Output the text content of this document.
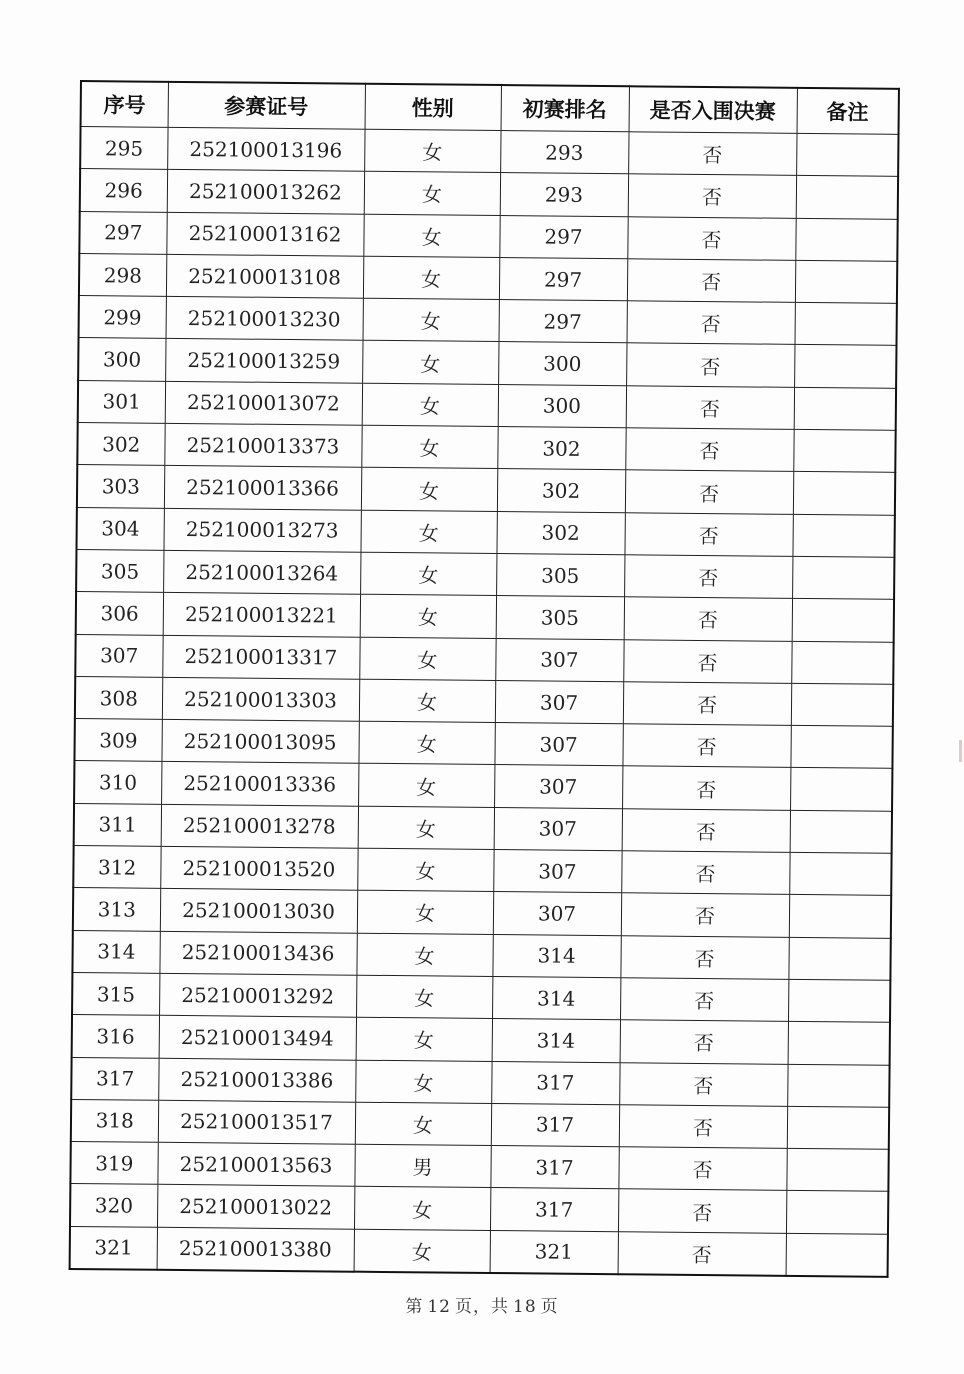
序号	参赛证号	性别	初赛排名	是否入围决赛	备注
295	252100013196	女	293	否	
296	252100013262	女	293	否	
297	252100013162	女	297	否	
298	252100013108	女	297	否	
299	252100013230	女	297	否	
300	252100013259	女	300	否	
301	252100013072	女	300	否	
302	252100013373	女	302	否	
303	252100013366	女	302	否	
304	252100013273	女	302	否	
305	252100013264	女	305	否	
306	252100013221	女	305	否	
307	252100013317	女	307	否	
308	252100013303	女	307	否	
309	252100013095	女	307	否	
310	252100013336	女	307	否	
311	252100013278	女	307	否	
312	252100013520	女	307	否	
313	252100013030	女	307	否	
314	252100013436	女	314	否	
315	252100013292	女	314	否	
316	252100013494	女	314	否	
317	252100013386	女	317	否	
318	252100013517	女	317	否	
319	252100013563	男	317	否	
320	252100013022	女	317	否	
321	252100013380	女	321	否	
第 12 页，共 18 页
